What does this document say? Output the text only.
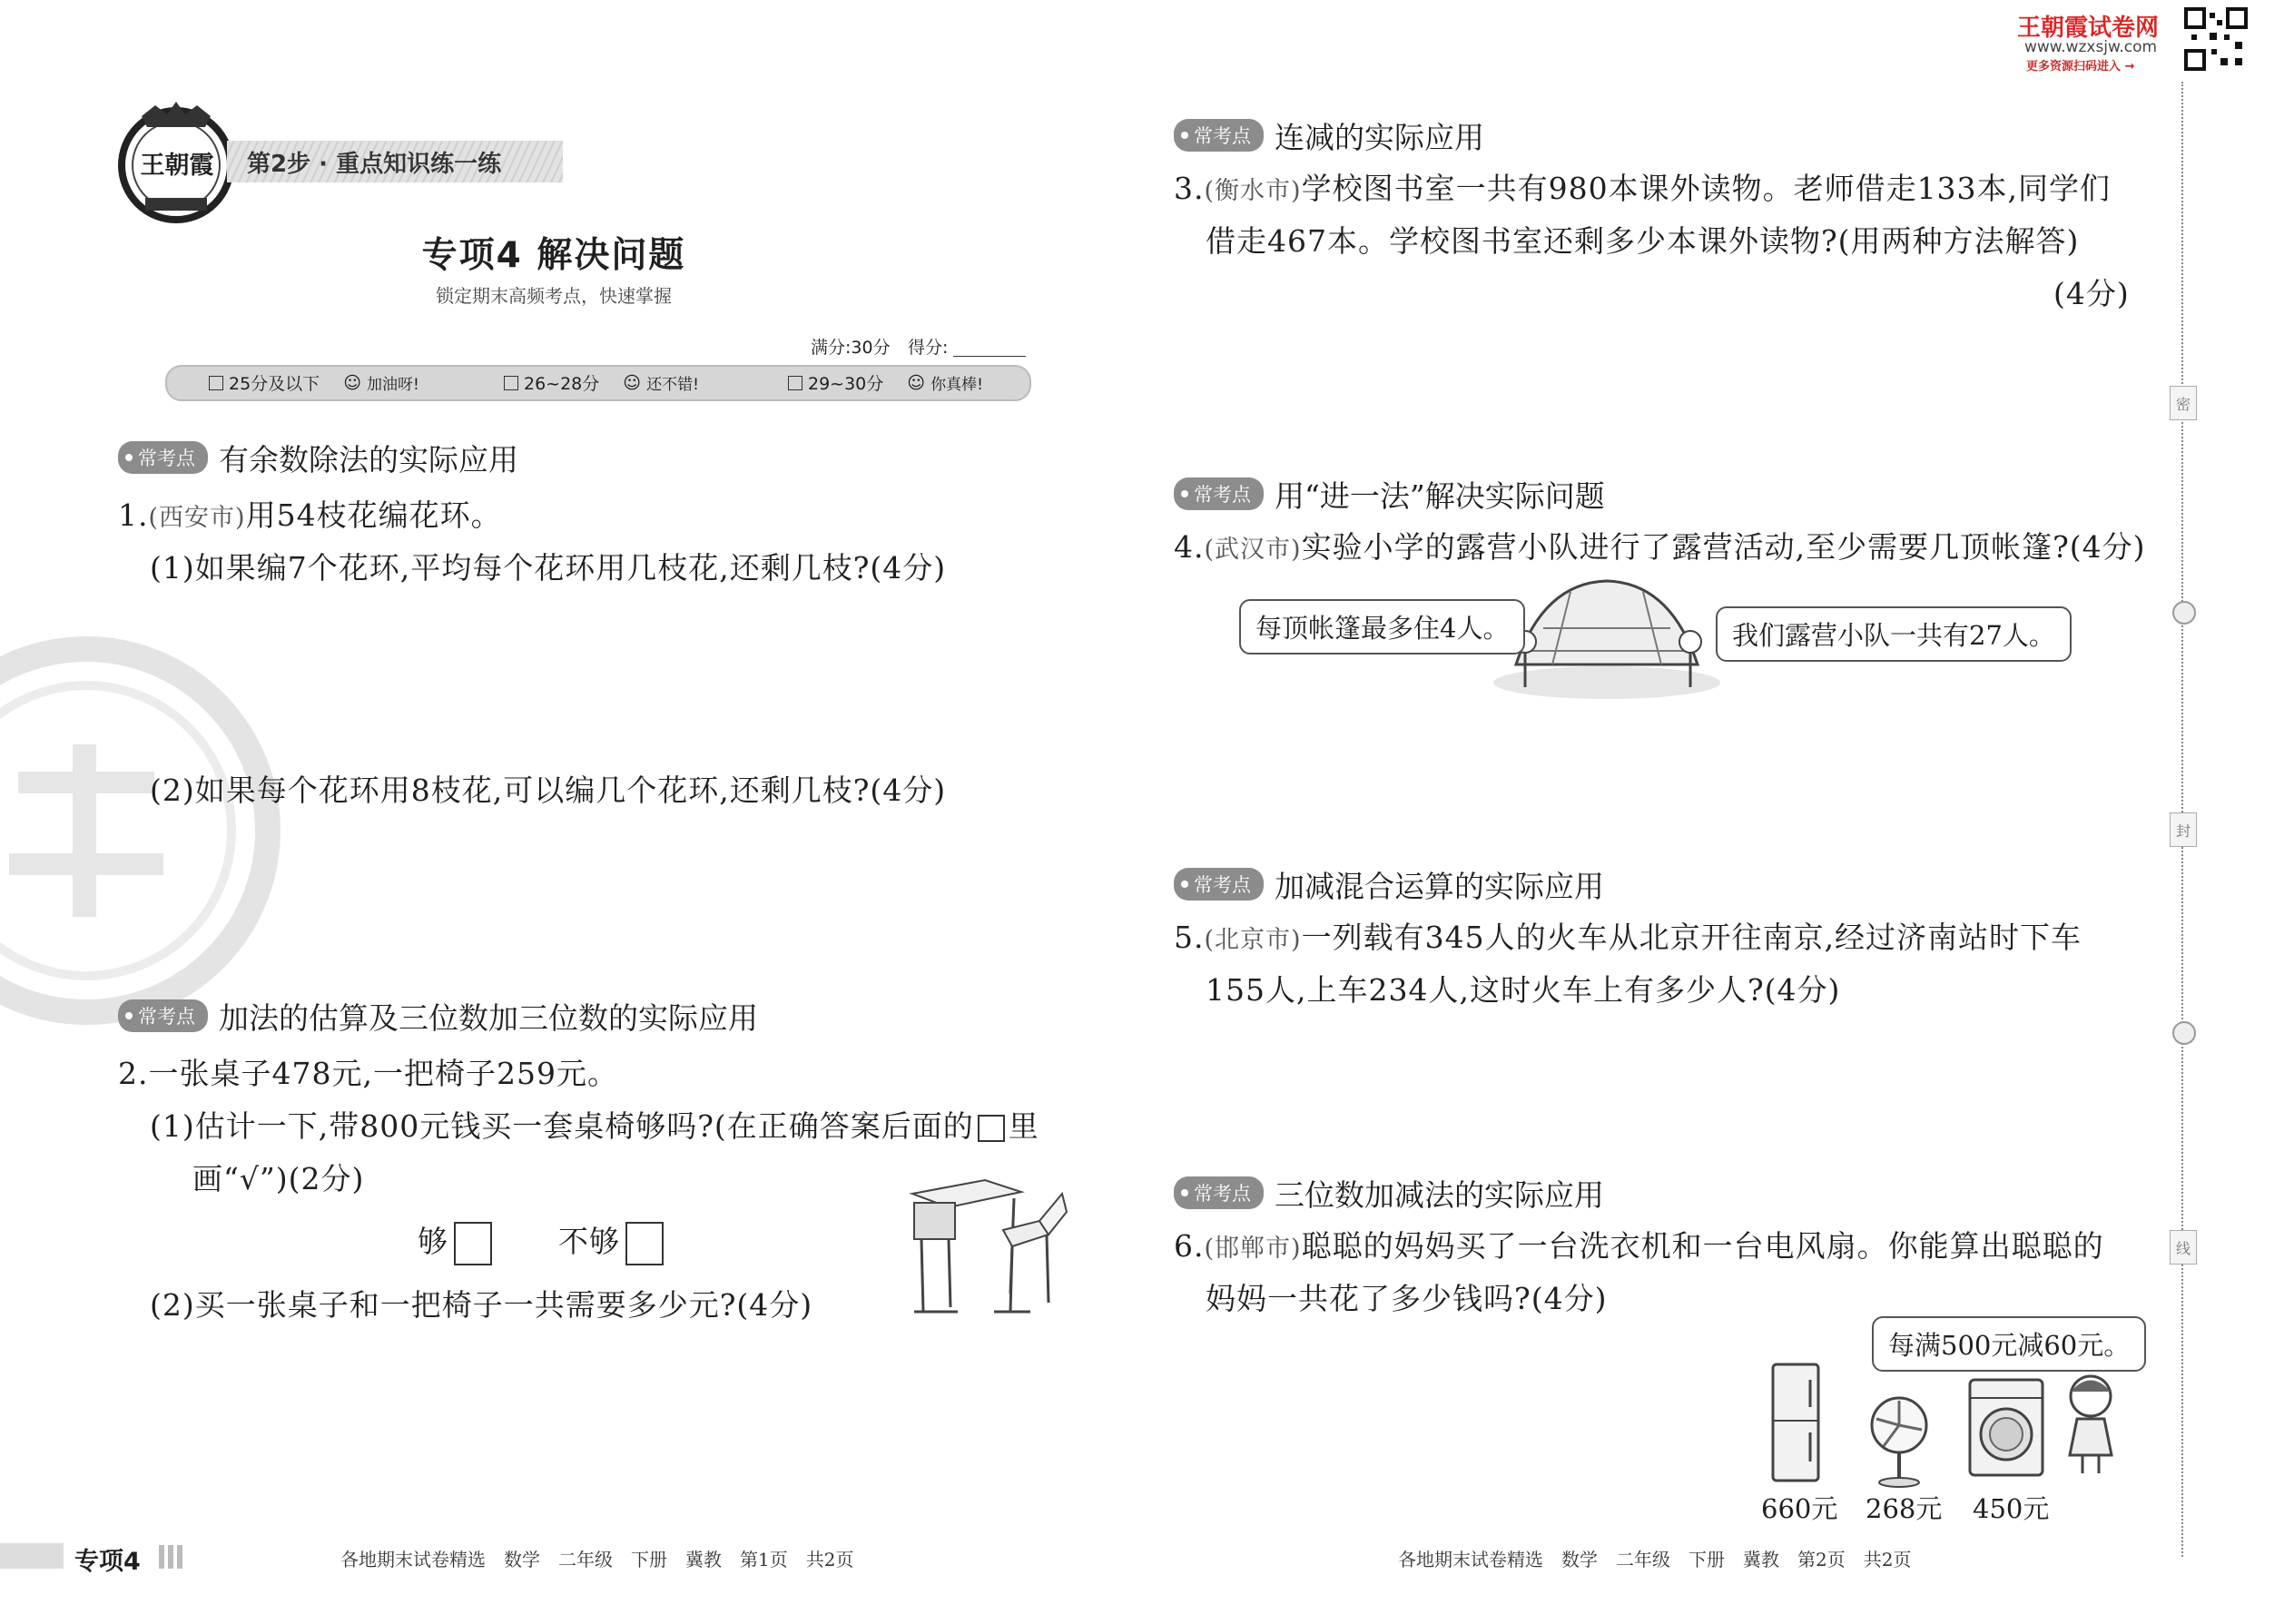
王朝霞 第2步 · 重点知识练一练
专项4 解决问题
锁定期末高频考点，快速掌握
满分:30分 得分:
25分及以下 ☺ 加油呀!	26~28分 ☺ 还不错!	29~30分 ☺ 你真棒!
常考点 有余数除法的实际应用
1.(西安市)用54枝花编花环。
(1)如果编7个花环,平均每个花环用几枝花,还剩几枝?(4分)
(2)如果每个花环用8枝花,可以编几个花环,还剩几枝?(4分)
常考点 加法的估算及三位数加三位数的实际应用
2.一张桌子478元,一把椅子259元。
(1)估计一下,带800元钱买一套桌椅够吗?(在正确答案后面的 里
画“√”)(2分)
够	不够
(2)买一张桌子和一把椅子一共需要多少元?(4分)
专项4	各地期末试卷精选　数学　二年级　下册　冀教　第1页　共2页
王朝霞试卷网
www.wzxsjw.com
更多资源扫码进入 →
密
封
线
常考点 连减的实际应用
3.(衡水市)学校图书室一共有980本课外读物。老师借走133本,同学们
借走467本。学校图书室还剩多少本课外读物?(用两种方法解答)
(4分)
常考点 用“进一法”解决实际问题
4.(武汉市)实验小学的露营小队进行了露营活动,至少需要几顶帐篷?(4分)
每顶帐篷最多住4人。	我们露营小队一共有27人。
常考点 加减混合运算的实际应用
5.(北京市)一列载有345人的火车从北京开往南京,经过济南站时下车
155人,上车234人,这时火车上有多少人?(4分)
常考点 三位数加减法的实际应用
6.(邯郸市)聪聪的妈妈买了一台洗衣机和一台电风扇。你能算出聪聪的
妈妈一共花了多少钱吗?(4分)
每满500元减60元。
660元 268元 450元
各地期末试卷精选　数学　二年级　下册　冀教　第2页　共2页
